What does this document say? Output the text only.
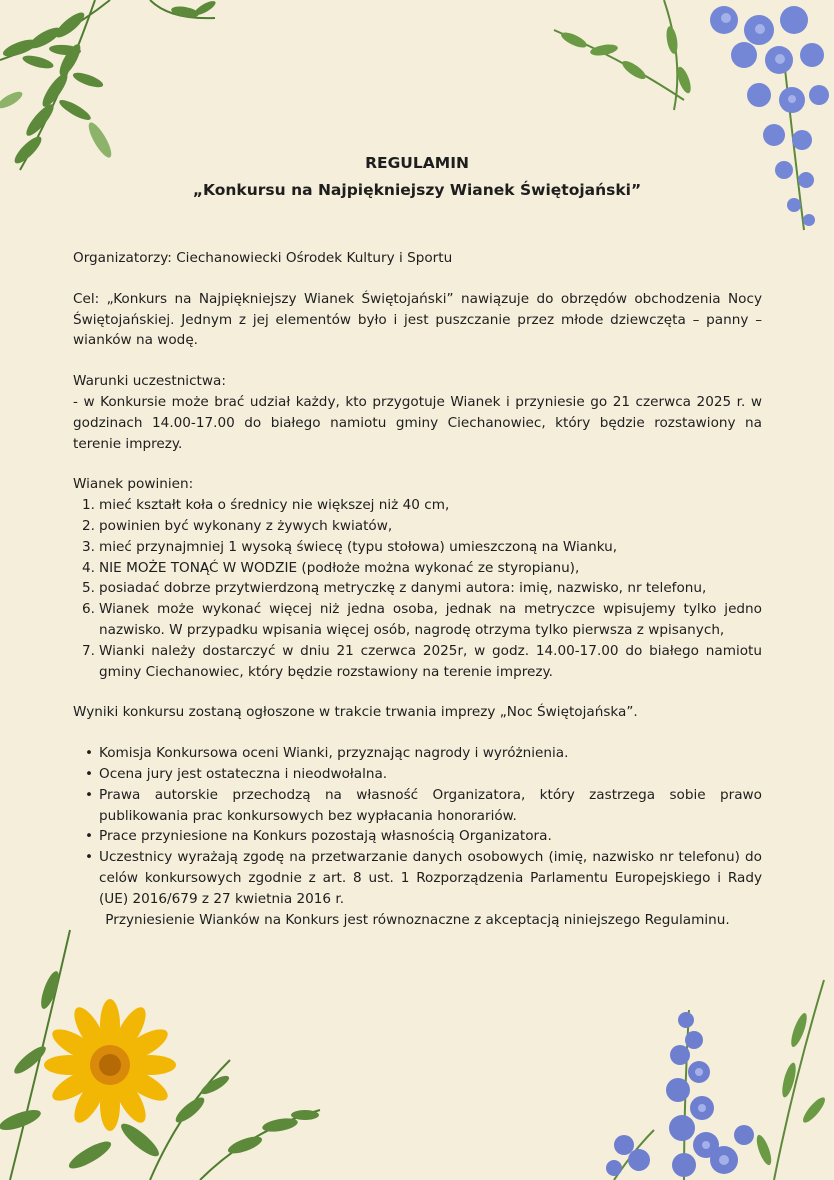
REGULAMIN
„Konkursu na Najpiękniejszy Wianek Świętojański”

Organizatorzy: Ciechanowiecki Ośrodek Kultury i Sportu

Cel: „Konkurs na Najpiękniejszy Wianek Świętojański” nawiązuje do obrzędów obchodzenia Nocy Świętojańskiej. Jednym z jej elementów było i jest puszczanie przez młode dziewczęta – panny – wianków na wodę.

Warunki uczestnictwa:

- w Konkursie może brać udział każdy, kto przygotuje Wianek i przyniesie go 21 czerwca 2025 r. w godzinach 14.00-17.00 do białego namiotu gminy Ciechanowiec, który będzie rozstawiony na terenie imprezy.

Wianek powinien:

1. mieć kształt koła o średnicy nie większej niż 40 cm,
2. powinien być wykonany z żywych kwiatów,
3. mieć przynajmniej 1 wysoką świecę (typu stołowa) umieszczoną na Wianku,
4. NIE MOŻE TONĄĆ W WODZIE (podłoże można wykonać ze styropianu),
5. posiadać dobrze przytwierdzoną metryczkę z danymi autora: imię, nazwisko, nr telefonu,
6. Wianek może wykonać więcej niż jedna osoba, jednak na metryczce wpisujemy tylko jedno nazwisko. W przypadku wpisania więcej osób, nagrodę otrzyma tylko pierwsza z wpisanych,
7. Wianki należy dostarczyć w dniu 21 czerwca 2025r, w godz. 14.00-17.00 do białego namiotu gminy Ciechanowiec, który będzie rozstawiony na terenie imprezy.

Wyniki konkursu zostaną ogłoszone w trakcie trwania imprezy „Noc Świętojańska”.

• Komisja Konkursowa oceni Wianki, przyznając nagrody i wyróżnienia.
• Ocena jury jest ostateczna i nieodwołalna.
• Prawa autorskie przechodzą na własność Organizatora, który zastrzega sobie prawo publikowania prac konkursowych bez wypłacania honorariów.
• Prace przyniesione na Konkurs pozostają własnością Organizatora.
• Uczestnicy wyrażają zgodę na przetwarzanie danych osobowych (imię, nazwisko nr telefonu) do celów konkursowych zgodnie z art. 8 ust. 1 Rozporządzenia Parlamentu Europejskiego i Rady (UE) 2016/679 z 27 kwietnia 2016 r.

Przyniesienie Wianków na Konkurs jest równoznaczne z akceptacją niniejszego Regulaminu.
